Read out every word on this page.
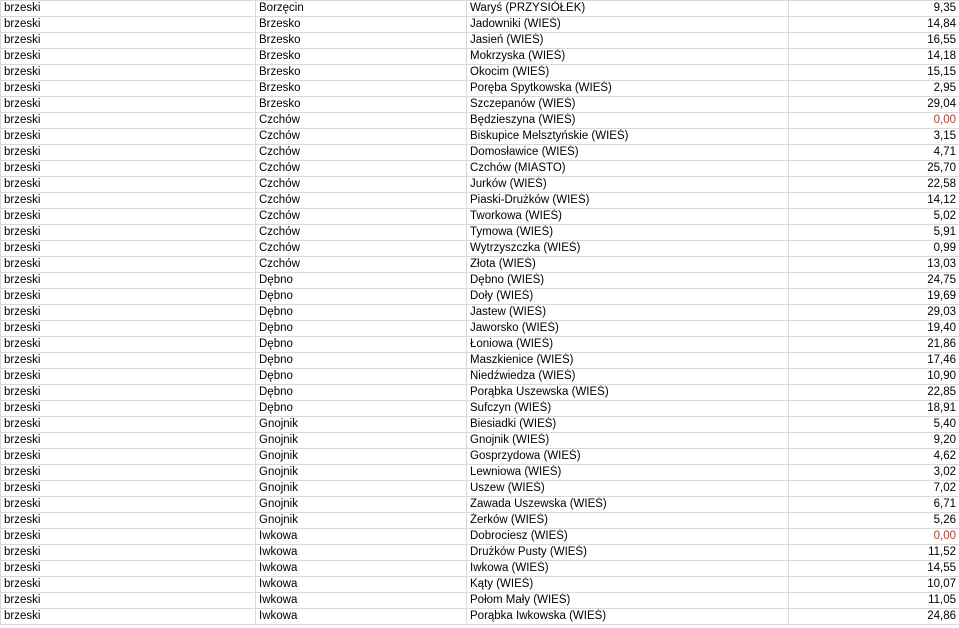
brzeski	Borzęcin	Waryś (PRZYSIÓŁEK)	9,35
brzeski	Brzesko	Jadowniki (WIEŚ)	14,84
brzeski	Brzesko	Jasień (WIEŚ)	16,55
brzeski	Brzesko	Mokrzyska (WIEŚ)	14,18
brzeski	Brzesko	Okocim (WIEŚ)	15,15
brzeski	Brzesko	Poręba Spytkowska (WIEŚ)	2,95
brzeski	Brzesko	Szczepanów (WIEŚ)	29,04
brzeski	Czchów	Będzieszyna (WIEŚ)	0,00
brzeski	Czchów	Biskupice Melsztyńskie (WIEŚ)	3,15
brzeski	Czchów	Domosławice (WIEŚ)	4,71
brzeski	Czchów	Czchów (MIASTO)	25,70
brzeski	Czchów	Jurków (WIEŚ)	22,58
brzeski	Czchów	Piaski-Drużków (WIEŚ)	14,12
brzeski	Czchów	Tworkowa (WIEŚ)	5,02
brzeski	Czchów	Tymowa (WIEŚ)	5,91
brzeski	Czchów	Wytrzyszczka (WIEŚ)	0,99
brzeski	Czchów	Złota (WIEŚ)	13,03
brzeski	Dębno	Dębno (WIEŚ)	24,75
brzeski	Dębno	Doły (WIEŚ)	19,69
brzeski	Dębno	Jastew (WIEŚ)	29,03
brzeski	Dębno	Jaworsko (WIEŚ)	19,40
brzeski	Dębno	Łoniowa (WIEŚ)	21,86
brzeski	Dębno	Maszkienice (WIEŚ)	17,46
brzeski	Dębno	Niedźwiedza (WIEŚ)	10,90
brzeski	Dębno	Porąbka Uszewska (WIEŚ)	22,85
brzeski	Dębno	Sufczyn (WIEŚ)	18,91
brzeski	Gnojnik	Biesiadki (WIEŚ)	5,40
brzeski	Gnojnik	Gnojnik (WIEŚ)	9,20
brzeski	Gnojnik	Gosprzydowa (WIEŚ)	4,62
brzeski	Gnojnik	Lewniowa (WIEŚ)	3,02
brzeski	Gnojnik	Uszew (WIEŚ)	7,02
brzeski	Gnojnik	Zawada Uszewska (WIEŚ)	6,71
brzeski	Gnojnik	Żerków (WIEŚ)	5,26
brzeski	Iwkowa	Dobrociesz (WIEŚ)	0,00
brzeski	Iwkowa	Drużków Pusty (WIEŚ)	11,52
brzeski	Iwkowa	Iwkowa (WIEŚ)	14,55
brzeski	Iwkowa	Kąty (WIEŚ)	10,07
brzeski	Iwkowa	Połom Mały (WIEŚ)	11,05
brzeski	Iwkowa	Porąbka Iwkowska (WIEŚ)	24,86
